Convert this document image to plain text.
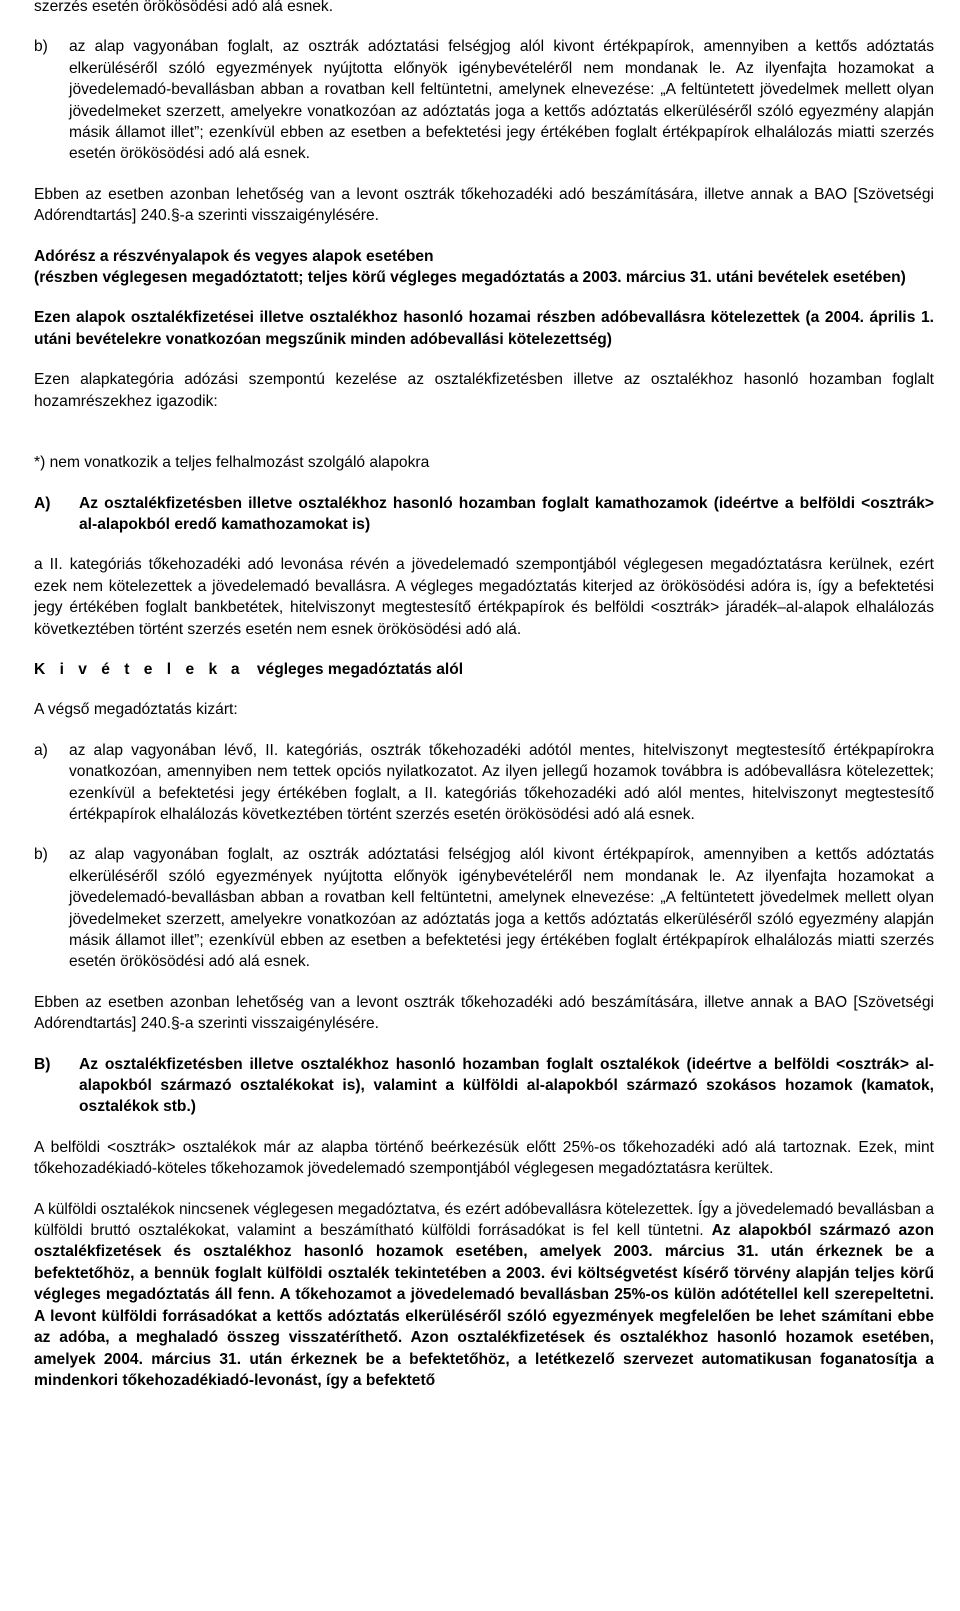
szerzés esetén örökösödési adó alá esnek.

b)	az alap vagyonában foglalt, az osztrák adóztatási felségjog alól kivont értékpapírok, amennyiben a kettős adóztatás elkerüléséről szóló egyezmények nyújtotta előnyök igénybevételéről nem mondanak le. Az ilyenfajta hozamokat a jövedelemadó-bevallásban abban a rovatban kell feltüntetni, amelynek elnevezése: „A feltüntetett jövedelmek mellett olyan jövedelmeket szerzett, amelyekre vonatkozóan az adóztatás joga a kettős adóztatás elkerüléséről szóló egyezmény alapján másik államot illet”; ezenkívül ebben az esetben a befektetési jegy értékében foglalt értékpapírok elhalálozás miatti szerzés esetén örökösödési adó alá esnek.

Ebben az esetben azonban lehetőség van a levont osztrák tőkehozadéki adó beszámítására, illetve annak a BAO [Szövetségi Adórendtartás] 240.§-a szerinti visszaigénylésére.

Adórész a részvényalapok és vegyes alapok esetében

(részben véglegesen megadóztatott; teljes körű végleges megadóztatás a 2003. március 31. utáni bevételek esetében)

Ezen alapok osztalékfizetései illetve osztalékhoz hasonló hozamai részben adóbevallásra kötelezettek (a 2004. április 1. utáni bevételekre vonatkozóan megszűnik minden adóbevallási kötelezettség)

Ezen alapkategória adózási szempontú kezelése az osztalékfizetésben illetve az osztalékhoz hasonló hozamban foglalt hozamrészekhez igazodik:

*) nem vonatkozik a teljes felhalmozást szolgáló alapokra

A)	Az osztalékfizetésben illetve osztalékhoz hasonló hozamban foglalt kamathozamok (ideértve a belföldi <osztrák> al-alapokból eredő kamathozamokat is)

a II. kategóriás tőkehozadéki adó levonása révén a jövedelemadó szempontjából véglegesen megadóztatásra kerülnek, ezért ezek nem kötelezettek a jövedelemadó bevallásra. A végleges megadóztatás kiterjed az örökösödési adóra is, így a befektetési jegy értékében foglalt bankbetétek, hitelviszonyt megtestesítő értékpapírok és belföldi <osztrák> járadék–al-alapok elhalálozás következtében történt szerzés esetén nem esnek örökösödési adó alá.

K i v é t e l e k a végleges megadóztatás alól

A végső megadóztatás kizárt:

a)	az alap vagyonában lévő, II. kategóriás, osztrák tőkehozadéki adótól mentes, hitelviszonyt megtestesítő értékpapírokra vonatkozóan, amennyiben nem tettek opciós nyilatkozatot. Az ilyen jellegű hozamok továbbra is adóbevallásra kötelezettek; ezenkívül a befektetési jegy értékében foglalt, a II. kategóriás tőkehozadéki adó alól mentes, hitelviszonyt megtestesítő értékpapírok elhalálozás következtében történt szerzés esetén örökösödési adó alá esnek.
b)	az alap vagyonában foglalt, az osztrák adóztatási felségjog alól kivont értékpapírok, amennyiben a kettős adóztatás elkerüléséről szóló egyezmények nyújtotta előnyök igénybevételéről nem mondanak le. Az ilyenfajta hozamokat a jövedelemadó-bevallásban abban a rovatban kell feltüntetni, amelynek elnevezése: „A feltüntetett jövedelmek mellett olyan jövedelmeket szerzett, amelyekre vonatkozóan az adóztatás joga a kettős adóztatás elkerüléséről szóló egyezmény alapján másik államot illet”; ezenkívül ebben az esetben a befektetési jegy értékében foglalt értékpapírok elhalálozás miatti szerzés esetén örökösödési adó alá esnek.

Ebben az esetben azonban lehetőség van a levont osztrák tőkehozadéki adó beszámítására, illetve annak a BAO [Szövetségi Adórendtartás] 240.§-a szerinti visszaigénylésére.

B)	Az osztalékfizetésben illetve osztalékhoz hasonló hozamban foglalt osztalékok (ideértve a belföldi <osztrák> al-alapokból származó osztalékokat is), valamint a külföldi al-alapokból származó szokásos hozamok (kamatok, osztalékok stb.)

A belföldi <osztrák> osztalékok már az alapba történő beérkezésük előtt 25%-os tőkehozadéki adó alá tartoznak. Ezek, mint tőkehozadékiadó-köteles tőkehozamok jövedelemadó szempontjából véglegesen megadóztatásra kerültek.

A külföldi osztalékok nincsenek véglegesen megadóztatva, és ezért adóbevallásra kötelezettek. Így a jövedelemadó bevallásban a külföldi bruttó osztalékokat, valamint a beszámítható külföldi forrásadókat is fel kell tüntetni. Az alapokból származó azon osztalékfizetések és osztalékhoz hasonló hozamok esetében, amelyek 2003. március 31. után érkeznek be a befektetőhöz, a bennük foglalt külföldi osztalék tekintetében a 2003. évi költségvetést kísérő törvény alapján teljes körű végleges megadóztatás áll fenn. A tőkehozamot a jövedelemadó bevallásban 25%-os külön adótétellel kell szerepeltetni. A levont külföldi forrásadókat a kettős adóztatás elkerüléséről szóló egyezmények megfelelően be lehet számítani ebbe az adóba, a meghaladó összeg visszatéríthető. Azon osztalékfizetések és osztalékhoz hasonló hozamok esetében, amelyek 2004. március 31. után érkeznek be a befektetőhöz, a letétkezelő szervezet automatikusan foganatosítja a mindenkori tőkehozadékiadó-levonást, így a befektető
